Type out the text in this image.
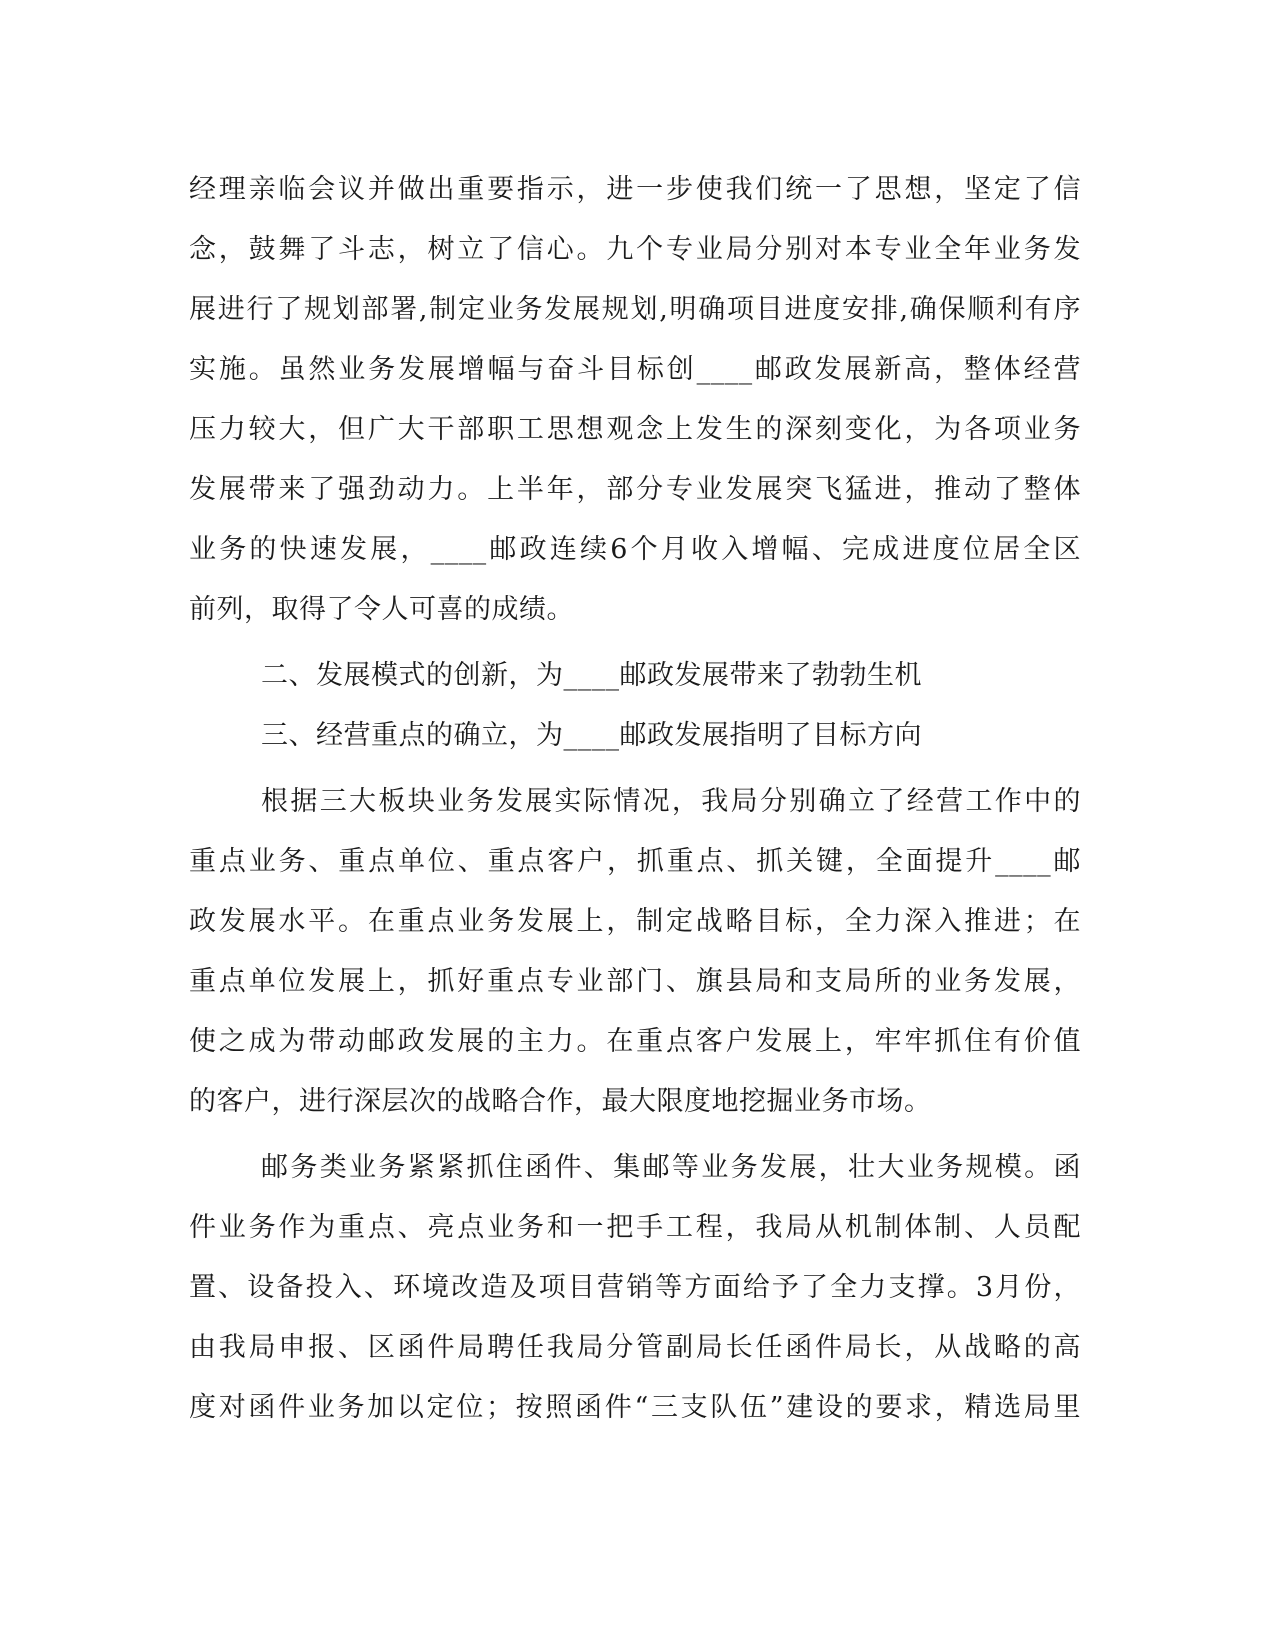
经理亲临会议并做出重要指示，进一步使我们统一了思想，坚定了信
念，鼓舞了斗志，树立了信心。九个专业局分别对本专业全年业务发
展进行了规划部署,制定业务发展规划,明确项目进度安排,确保顺利有序
实施。虽然业务发展增幅与奋斗目标创____邮政发展新高，整体经营
压力较大，但广大干部职工思想观念上发生的深刻变化，为各项业务
发展带来了强劲动力。上半年，部分专业发展突飞猛进，推动了整体
业务的快速发展，____邮政连续6个月收入增幅、完成进度位居全区
前列，取得了令人可喜的成绩。
二、发展模式的创新，为____邮政发展带来了勃勃生机
三、经营重点的确立，为____邮政发展指明了目标方向
根据三大板块业务发展实际情况，我局分别确立了经营工作中的
重点业务、重点单位、重点客户，抓重点、抓关键，全面提升____邮
政发展水平。在重点业务发展上，制定战略目标，全力深入推进；在
重点单位发展上，抓好重点专业部门、旗县局和支局所的业务发展，
使之成为带动邮政发展的主力。在重点客户发展上，牢牢抓住有价值
的客户，进行深层次的战略合作，最大限度地挖掘业务市场。
邮务类业务紧紧抓住函件、集邮等业务发展，壮大业务规模。函
件业务作为重点、亮点业务和一把手工程，我局从机制体制、人员配
置、设备投入、环境改造及项目营销等方面给予了全力支撑。3月份，
由我局申报、区函件局聘任我局分管副局长任函件局长，从战略的高
度对函件业务加以定位；按照函件“三支队伍”建设的要求，精选局里
